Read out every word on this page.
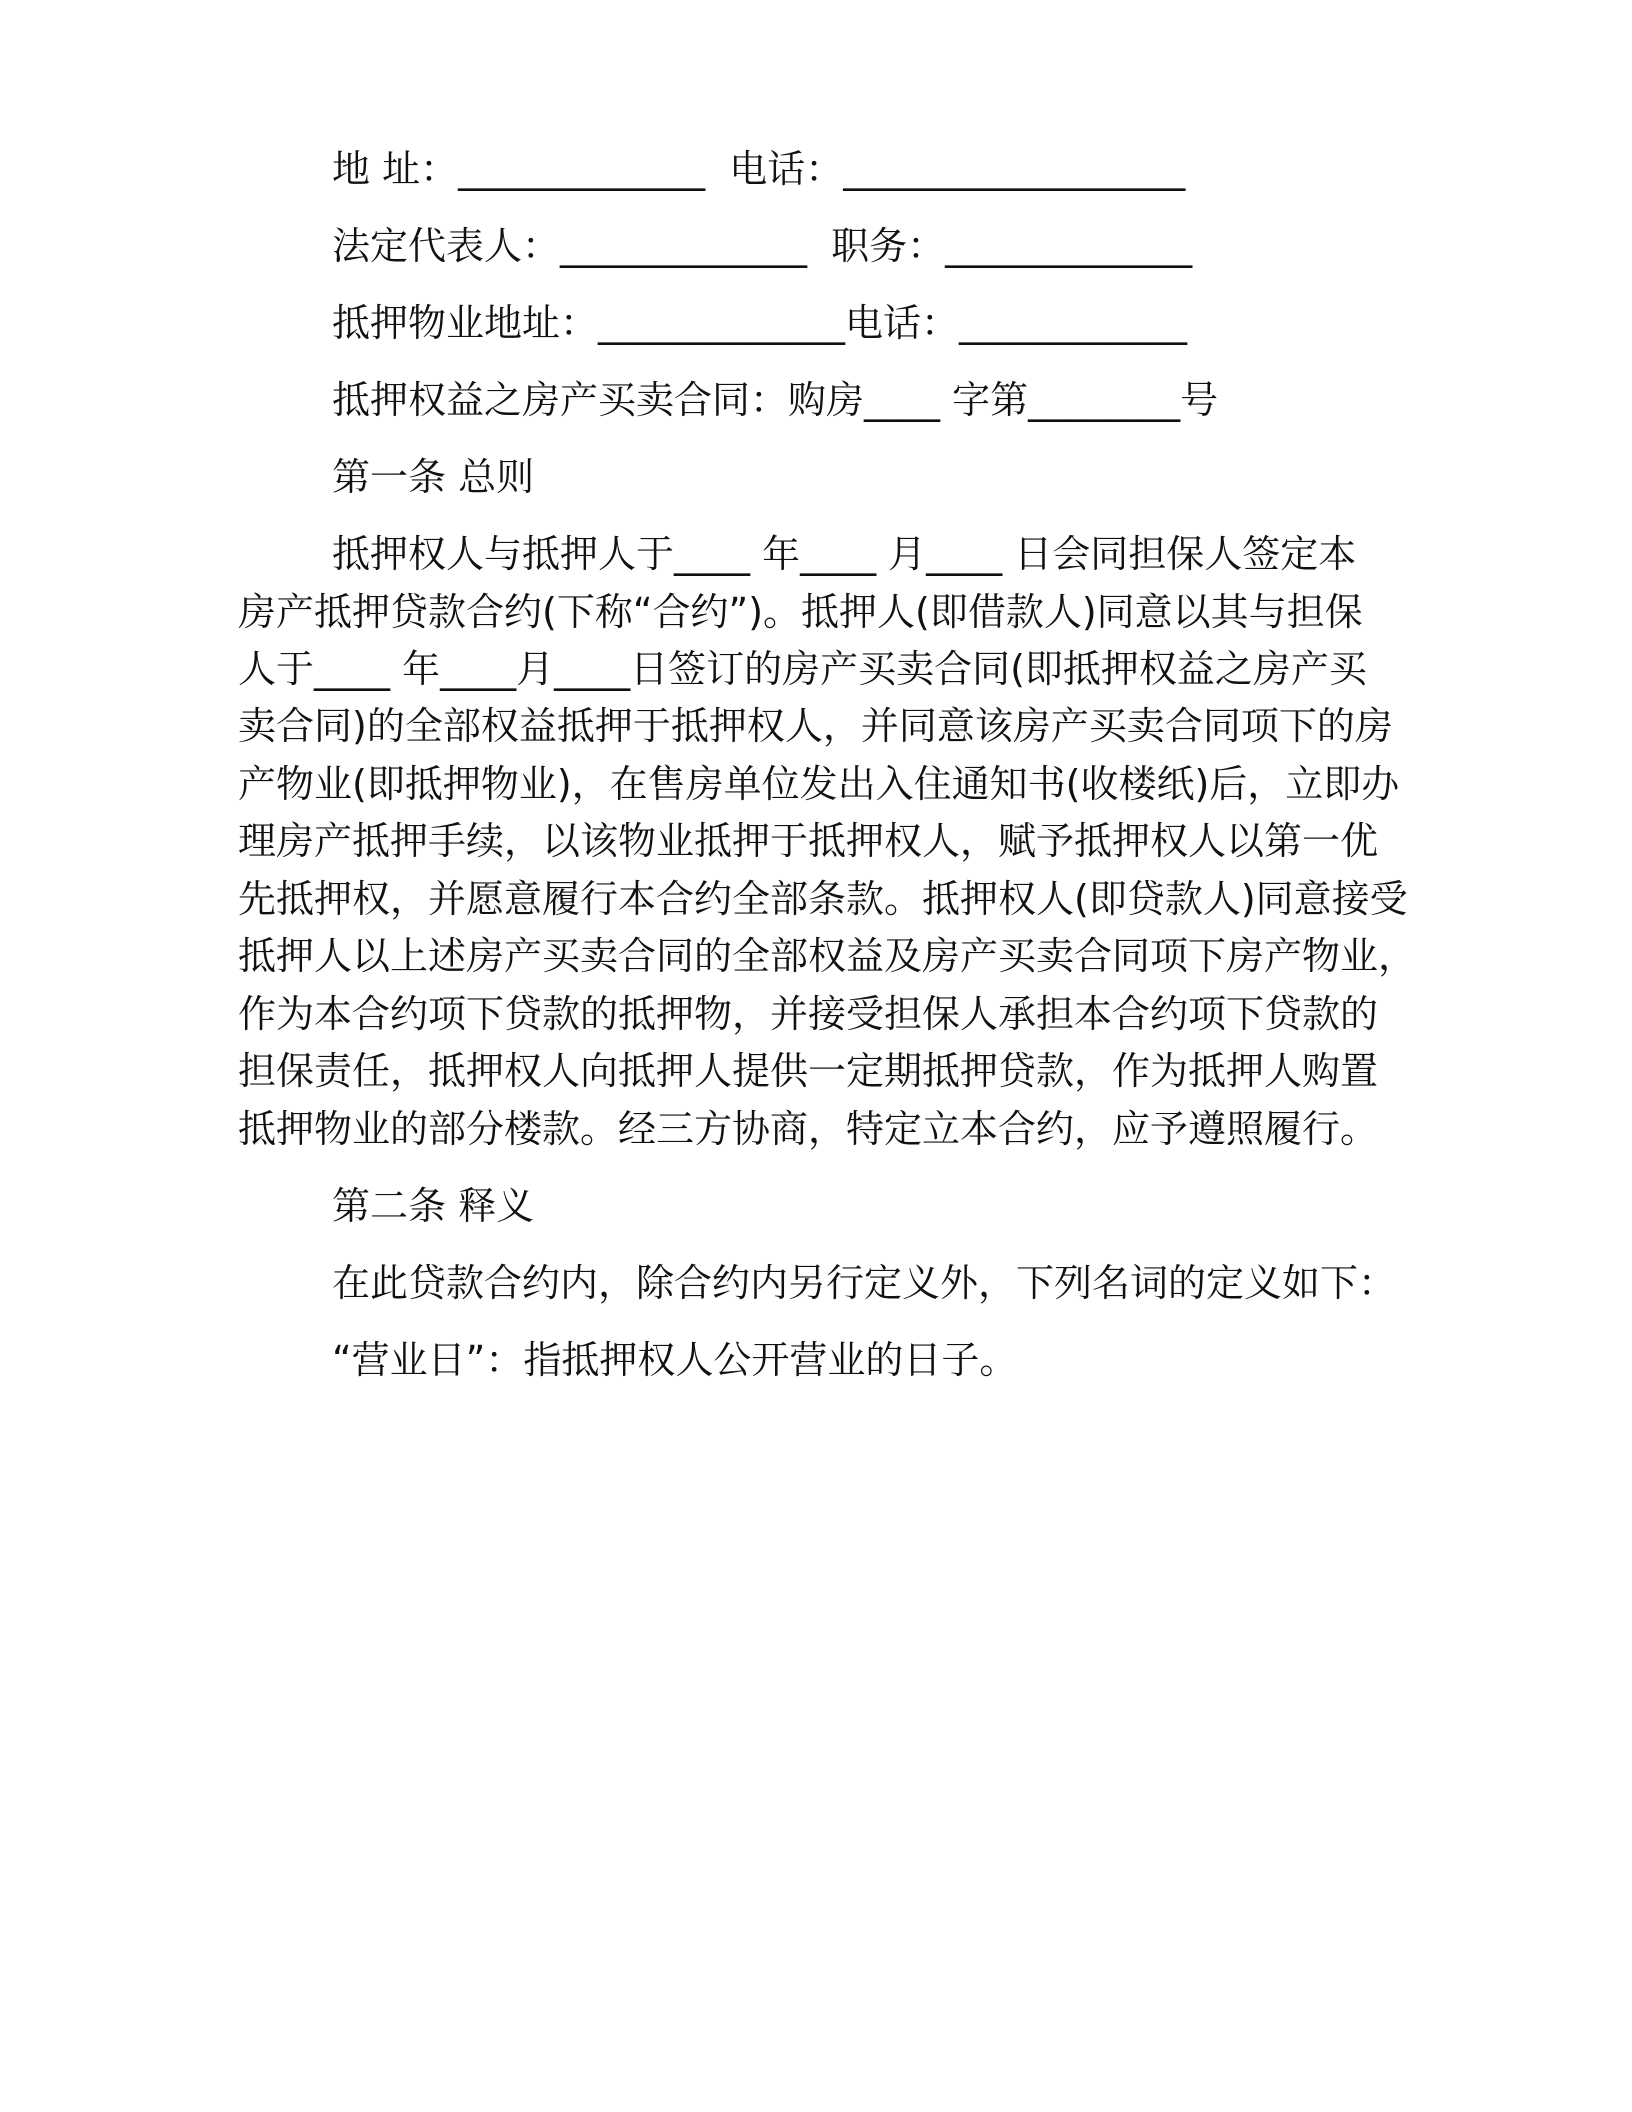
地 址：_____________  电话：__________________
法定代表人：_____________  职务：_____________
抵押物业地址：_____________电话：____________
抵押权益之房产买卖合同：购房____ 字第________号
第一条 总则
抵押权人与抵押人于____ 年____ 月____ 日会同担保人签定本
房产抵押贷款合约(下称“合约”)。抵押人(即借款人)同意以其与担保
人于____ 年____月____日签订的房产买卖合同(即抵押权益之房产买
卖合同)的全部权益抵押于抵押权人，并同意该房产买卖合同项下的房
产物业(即抵押物业)，在售房单位发出入住通知书(收楼纸)后，立即办
理房产抵押手续，以该物业抵押于抵押权人，赋予抵押权人以第一优
先抵押权，并愿意履行本合约全部条款。抵押权人(即贷款人)同意接受
抵押人以上述房产买卖合同的全部权益及房产买卖合同项下房产物业，
作为本合约项下贷款的抵押物，并接受担保人承担本合约项下贷款的
担保责任，抵押权人向抵押人提供一定期抵押贷款，作为抵押人购置
抵押物业的部分楼款。经三方协商，特定立本合约，应予遵照履行。
第二条 释义
在此贷款合约内，除合约内另行定义外，下列名词的定义如下：
“营业日”：指抵押权人公开营业的日子。
